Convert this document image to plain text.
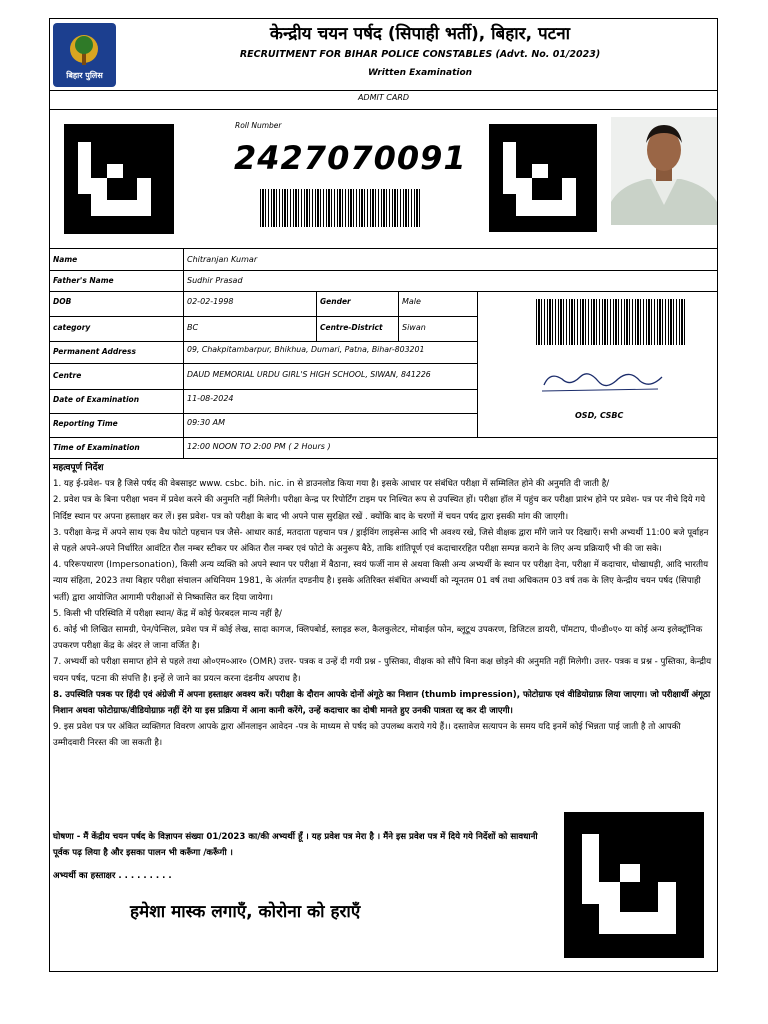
बिहार पुलिस
केन्द्रीय चयन पर्षद (सिपाही भर्ती), बिहार, पटना
RECRUITMENT FOR BIHAR POLICE CONSTABLES (Advt. No. 01/2023)
Written Examination
ADMIT CARD
Roll Number
2427070091
Name	Chitranjan Kumar
Father's Name	Sudhir Prasad
DOB	02-02-1998	Gender	Male
category	BC	Centre-District Siwan
Permanent Address	09, Chakpitambarpur, Bhikhua, Dumari, Patna, Bihar-803201
Centre	DAUD MEMORIAL URDU GIRL'S HIGH SCHOOL, SIWAN, 841226
Date of Examination	11-08-2024
Reporting Time	09:30 AM
Time of Examination	12:00 NOON TO 2:00 PM ( 2 Hours )
OSD, CSBC

महत्वपूर्ण निर्देश

1. यह ई-प्रवेश- पत्र है जिसे पर्षद की वेबसाइट www. csbc. bih. nic. in से डाउनलोड किया गया है। इसके आधार पर संबंधित परीक्षा में सम्मिलित होने की अनुमति दी जाती है/

2. प्रवेश पत्र के बिना परीक्षा भवन में प्रवेश करने की अनुमति नहीं मिलेगी। परीक्षा केन्द्र पर रिपोर्टिंग टाइम पर निश्चित रूप से उपस्थित हों। परीक्षा हॉल में पहुंच कर परीक्षा प्रारंभ होने पर प्रवेश- पत्र पर नीचे दिये गये निर्दिष्ट स्थान पर अपना हस्ताक्षर कर लें। इस प्रवेश- पत्र को परीक्षा के बाद भी अपने पास सुरक्षित रखें . क्योंकि बाद के चरणों में चयन पर्षद द्वारा इसकी मांग की जाएगी।

3. परीक्षा केन्द्र में अपने साथ एक वैध फोटो पहचान पत्र जैसे- आधार कार्ड, मतदाता पहचान पत्र / ड्राईविंग लाइसेन्स आदि भी अवश्य रखे, जिसे वीक्षक द्वारा माँगे जाने पर दिखाएँ। सभी अभ्यर्थी 11:00 बजे पूर्वाहन से पहले अपने-अपने निर्धारित आवंटित रौल नम्बर स्टीकर पर अंकित रौल नम्बर एवं फोटो के अनुरूप बैठे, ताकि शांतिपूर्ण एवं कदाचाररहित परीक्षा सम्पन्न कराने के लिए अन्य प्रक्रियाएँ भी की जा सके।

4. परिरूपधारण (Impersonation), किसी अन्य व्यक्ति को अपने स्थान पर परीक्षा में बैठाना, स्वयं फर्जी नाम से अथवा किसी अन्य अभ्यर्थी के स्थान पर परीक्षा देना, परीक्षा में कदाचार, धोखाधड़ी, आदि भारतीय न्याय संहिता, 2023 तथा बिहार परीक्षा संचालन अधिनियम 1981, के अंतर्गत दण्डनीय है। इसके अतिरिक्त संबंधित अभ्यर्थी को न्यूनतम 01 वर्ष तथा अधिकतम 03 वर्ष तक के लिए केन्द्रीय चयन पर्षद (सिपाही भर्ती) द्वारा आयोजित आगामी परीक्षाओं से निष्कासित कर दिया जायेगा।

5. किसी भी परिस्थिति में परीक्षा स्थान/ केंद्र में कोई फेरबदल मान्य नहीं है/

6. कोई भी लिखित सामग्री, पेन/पेन्सिल, प्रवेश पत्र में कोई लेख, सादा कागज, क्लिपबोर्ड, स्लाइड रूल, कैलकुलेटर, मोबाईल फोन, ब्लूटूथ उपकरण, डिजिटल डायरी, पॉमटाप, पी०डी०ए० या कोई अन्य इलेक्ट्रॉनिक उपकरण परीक्षा केंद्र के अंदर ले जाना वर्जित है।

7. अभ्यर्थी को परीक्षा समाप्त होने से पहले तथा ओ०एम०आर० (OMR) उत्तर- पत्रक व उन्हें दी गयी प्रश्न - पुस्तिका, वीक्षक को सौंपे बिना कक्ष छोड़ने की अनुमति नहीं मिलेगी। उत्तर- पत्रक व प्रश्न - पुस्तिका, केन्द्रीय चयन पर्षद, पटना की संपत्ति है। इन्हें ले जाने का प्रयत्न करना दंडनीय अपराध है।

8. उपस्थिति पत्रक पर हिंदी एवं अंग्रेजी में अपना हस्ताक्षर अवश्य करें। परीक्षा के दौरान आपके दोनों अंगूठे का निशान (thumb impression), फोटोग्राफ एवं वीडियोग्राफ़ लिया जाएगा। जो परीक्षार्थी अंगूठा निशान अथवा फोटोग्राफ/वीडियोग्राफ़ नहीं देंगे या इस प्रक्रिया में आना कानी करेंगे, उन्हें कदाचार का दोषी मानते हुए उनकी पात्रता रद्द कर दी जाएगी।

9. इस प्रवेश पत्र पर अंकित व्यक्तिगत विवरण आपके द्वारा ऑनलाइन आवेदन -पत्र के माध्यम से पर्षद को उपलब्ध कराये गये हैं।। दस्तावेज सत्यापन के समय यदि इनमें कोई भिन्नता पाई जाती है तो आपकी उम्मीदवारी निरस्त की जा सकती है।

घोषणा - मैं केंद्रीय चयन पर्षद के विज्ञापन संख्या 01/2023 का/की अभ्यर्थी हूँ । यह प्रवेश पत्र मेरा है । मैंने इस प्रवेश पत्र में दिये गये निर्देशों को सावधानी पूर्वक पढ़ लिया है और इसका पालन भी करूँगा /करूँगी ।
अभ्यर्थी का हस्ताक्षर . . . . . . . . .
हमेशा मास्क लगाएँ, कोरोना को हराएँ
